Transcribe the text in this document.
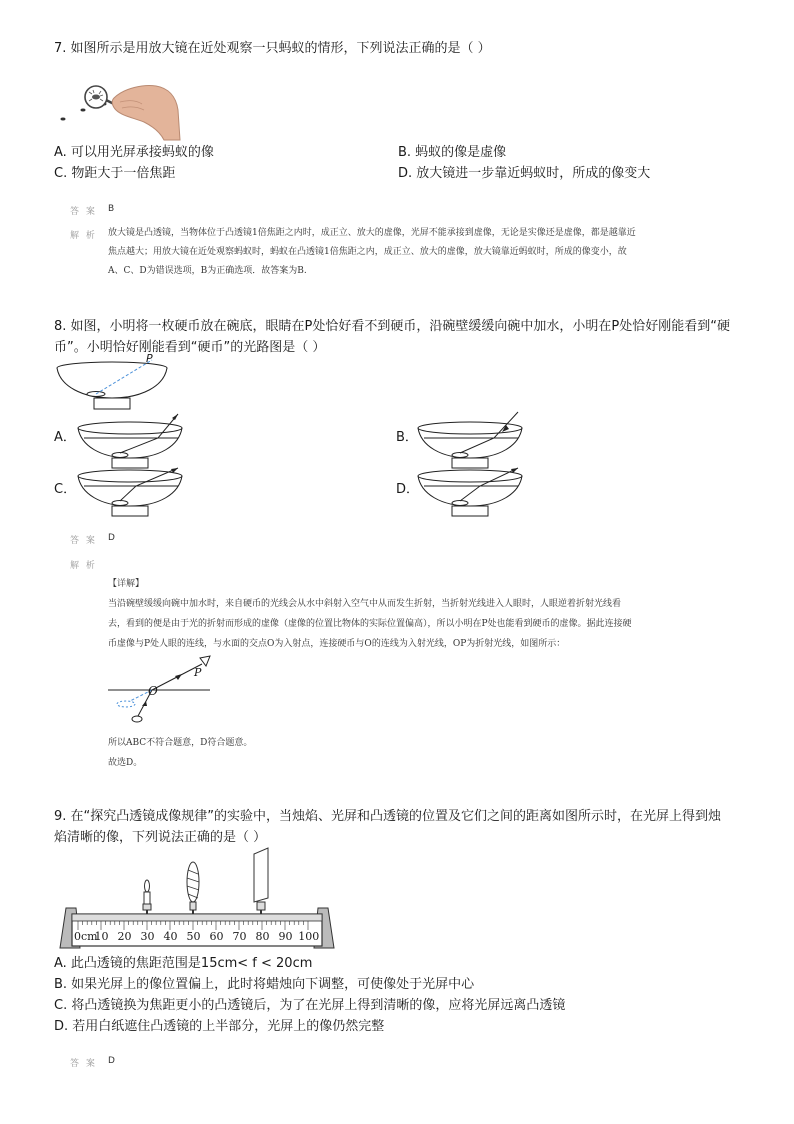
7. 如图所示是用放大镜在近处观察一只蚂蚁的情形，下列说法正确的是（ ）
A. 可以用光屏承接蚂蚁的像	B. 蚂蚁的像是虚像
C. 物距大于一倍焦距	D. 放大镜进一步靠近蚂蚁时，所成的像变大
答 案 B
解 析 放大镜是凸透镜，当物体位于凸透镜1倍焦距之内时，成正立、放大的虚像，光屏不能承接到虚像，无论是实像还是虚像，都是越靠近
焦点越大；用放大镜在近处观察蚂蚁时，蚂蚁在凸透镜1倍焦距之内，成正立、放大的虚像，放大镜靠近蚂蚁时，所成的像变小，故
A、C、D为错误选项，B为正确选项．故答案为B.
8. 如图，小明将一枚硬币放在碗底，眼睛在P处恰好看不到硬币，沿碗壁缓缓向碗中加水，小明在P处恰好刚能看到“硬
币”。小明恰好刚能看到“硬币”的光路图是（ ）
P
A．	B．
C．	D．
答 案 D
解 析
【详解】
当沿碗壁缓缓向碗中加水时，来自硬币的光线会从水中斜射入空气中从而发生折射，当折射光线进入人眼时，人眼逆着折射光线看
去，看到的便是由于光的折射而形成的虚像（虚像的位置比物体的实际位置偏高），所以小明在P处也能看到硬币的虚像。据此连接硬
币虚像与P处人眼的连线，与水面的交点O为入射点，连接硬币与O的连线为入射光线，OP为折射光线，如图所示：
O
P
所以ABC不符合题意，D符合题意。
故选D。
9. 在“探究凸透镜成像规律”的实验中，当烛焰、光屏和凸透镜的位置及它们之间的距离如图所示时，在光屏上得到烛
焰清晰的像，下列说法正确的是（ ）
0cm
10 20 30 40 50 60 70 80 90 100
A. 此凸透镜的焦距范围是15cm< f < 20cm
B. 如果光屏上的像位置偏上，此时将蜡烛向下调整，可使像处于光屏中心
C. 将凸透镜换为焦距更小的凸透镜后，为了在光屏上得到清晰的像，应将光屏远离凸透镜
D. 若用白纸遮住凸透镜的上半部分，光屏上的像仍然完整
答 案 D
